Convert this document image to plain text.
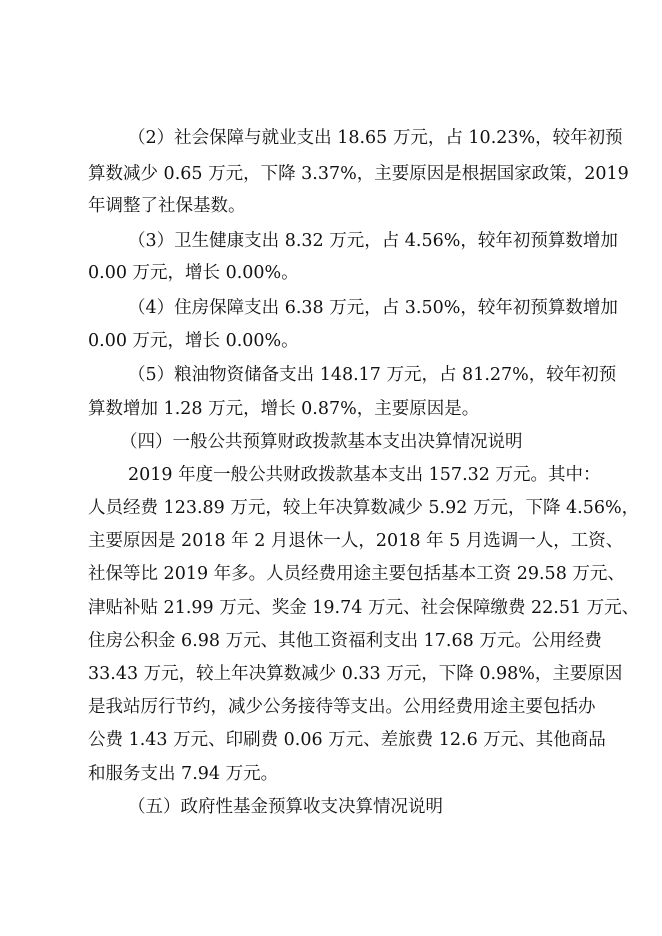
（2）社会保障与就业支出 18.65 万元，占 10.23%，较年初预

算数减少 0.65 万元，下降 3.37%，主要原因是根据国家政策，2019

年调整了社保基数。

（3）卫生健康支出 8.32 万元，占 4.56%，较年初预算数增加

0.00 万元，增长 0.00%。

（4）住房保障支出 6.38 万元，占 3.50%，较年初预算数增加

0.00 万元，增长 0.00%。

（5）粮油物资储备支出 148.17 万元，占 81.27%，较年初预

算数增加 1.28 万元，增长 0.87%，主要原因是。

（四）一般公共预算财政拨款基本支出决算情况说明

2019 年度一般公共财政拨款基本支出 157.32 万元。其中：

人员经费 123.89 万元，较上年决算数减少 5.92 万元，下降 4.56%，

主要原因是 2018 年 2 月退休一人，2018 年 5 月选调一人，工资、

社保等比 2019 年多。人员经费用途主要包括基本工资 29.58 万元、

津贴补贴 21.99 万元、奖金 19.74 万元、社会保障缴费 22.51 万元、

住房公积金 6.98 万元、其他工资福利支出 17.68 万元。公用经费

33.43 万元，较上年决算数减少 0.33 万元，下降 0.98%，主要原因

是我站厉行节约，减少公务接待等支出。公用经费用途主要包括办

公费 1.43 万元、印刷费 0.06 万元、差旅费 12.6 万元、其他商品

和服务支出 7.94 万元。

（五）政府性基金预算收支决算情况说明
